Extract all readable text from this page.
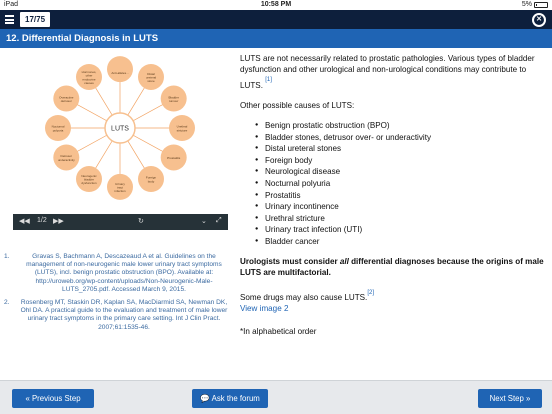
iPad	10:58 PM	5%
17/75
✕
12. Differential Diagnosis in LUTS
Hormones, other endocrine causes
Anti-alleles...	Distal ureteral stone
Bladder tumour
Urethral stricture
Prostatitis
Foreign body
Urinary tract infection
Neurogenic bladder dysfunction
Detrusor underactivity
Nocturnal polyuria
Overactive detrusor
LUTS
◀◀ 1/2 ▶▶	↻	⌄ ⤢
1.	Gravas S, Bachmann A, Descazeaud A et al. Guidelines on the management of non-neurogenic male lower urinary tract symptoms (LUTS), incl. benign prostatic obstruction (BPO). Available at: http://uroweb.org/wp-content/uploads/Non-Neurogenic-Male-LUTS_2705.pdf. Accessed March 9, 2015.
2.	Rosenberg MT, Staskin DR, Kaplan SA, MacDiarmid SA, Newman DK, Ohl DA. A practical guide to the evaluation and treatment of male lower urinary tract symptoms in the primary care setting. Int J Clin Pract. 2007;61:1535-46.

LUTS are not necessarily related to prostatic pathologies. Various types of bladder dysfunction and other urological and non-urological conditions may contribute to LUTS. [1]

Other possible causes of LUTS:

● Benign prostatic obstruction (BPO)
● Bladder stones, detrusor over- or underactivity
● Distal ureteral stones
● Foreign body
● Neurological disease
● Nocturnal polyuria
● Prostatitis
● Urinary incontinence
● Urethral stricture
● Urinary tract infection (UTI)
● Bladder cancer

Urologists must consider all differential diagnoses because the origins of male LUTS are multifactorial.

Some drugs may also cause LUTS.[2]
View image 2

*In alphabetical order

« Previous Step	💬 Ask the forum	Next Step »
